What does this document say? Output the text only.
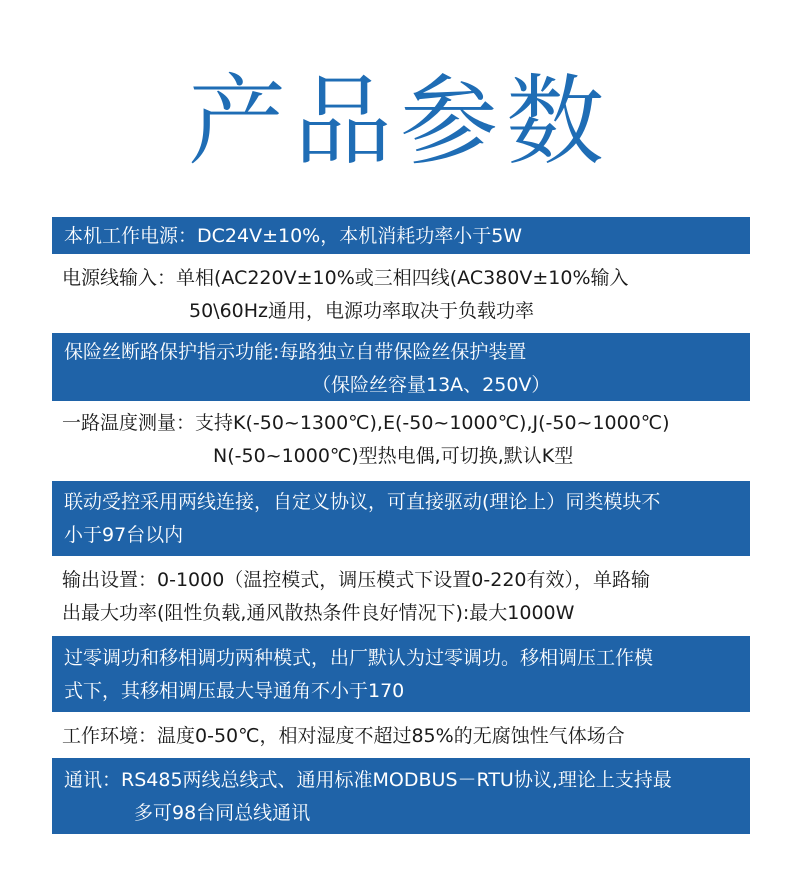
产品参数
本机工作电源：DC24V±10%，本机消耗功率小于5W
电源线输入：单相(AC220V±10%或三相四线(AC380V±10%输入
50\60Hz通用，电源功率取决于负载功率
保险丝断路保护指示功能:每路独立自带保险丝保护装置
（保险丝容量13A、250V）
一路温度测量：支持K(-50~1300℃),E(-50~1000℃),J(-50~1000℃)
N(-50~1000℃)型热电偶,可切换,默认K型
联动受控采用两线连接，自定义协议，可直接驱动(理论上）同类模块不
小于97台以内
输出设置：0-1000（温控模式，调压模式下设置0-220有效），单路输
出最大功率(阻性负载,通风散热条件良好情况下):最大1000W
过零调功和移相调功两种模式，出厂默认为过零调功。移相调压工作模
式下，其移相调压最大导通角不小于170
工作环境：温度0-50℃，相对湿度不超过85%的无腐蚀性气体场合
通讯：RS485两线总线式、通用标准MODBUS－RTU协议,理论上支持最
多可98台同总线通讯
